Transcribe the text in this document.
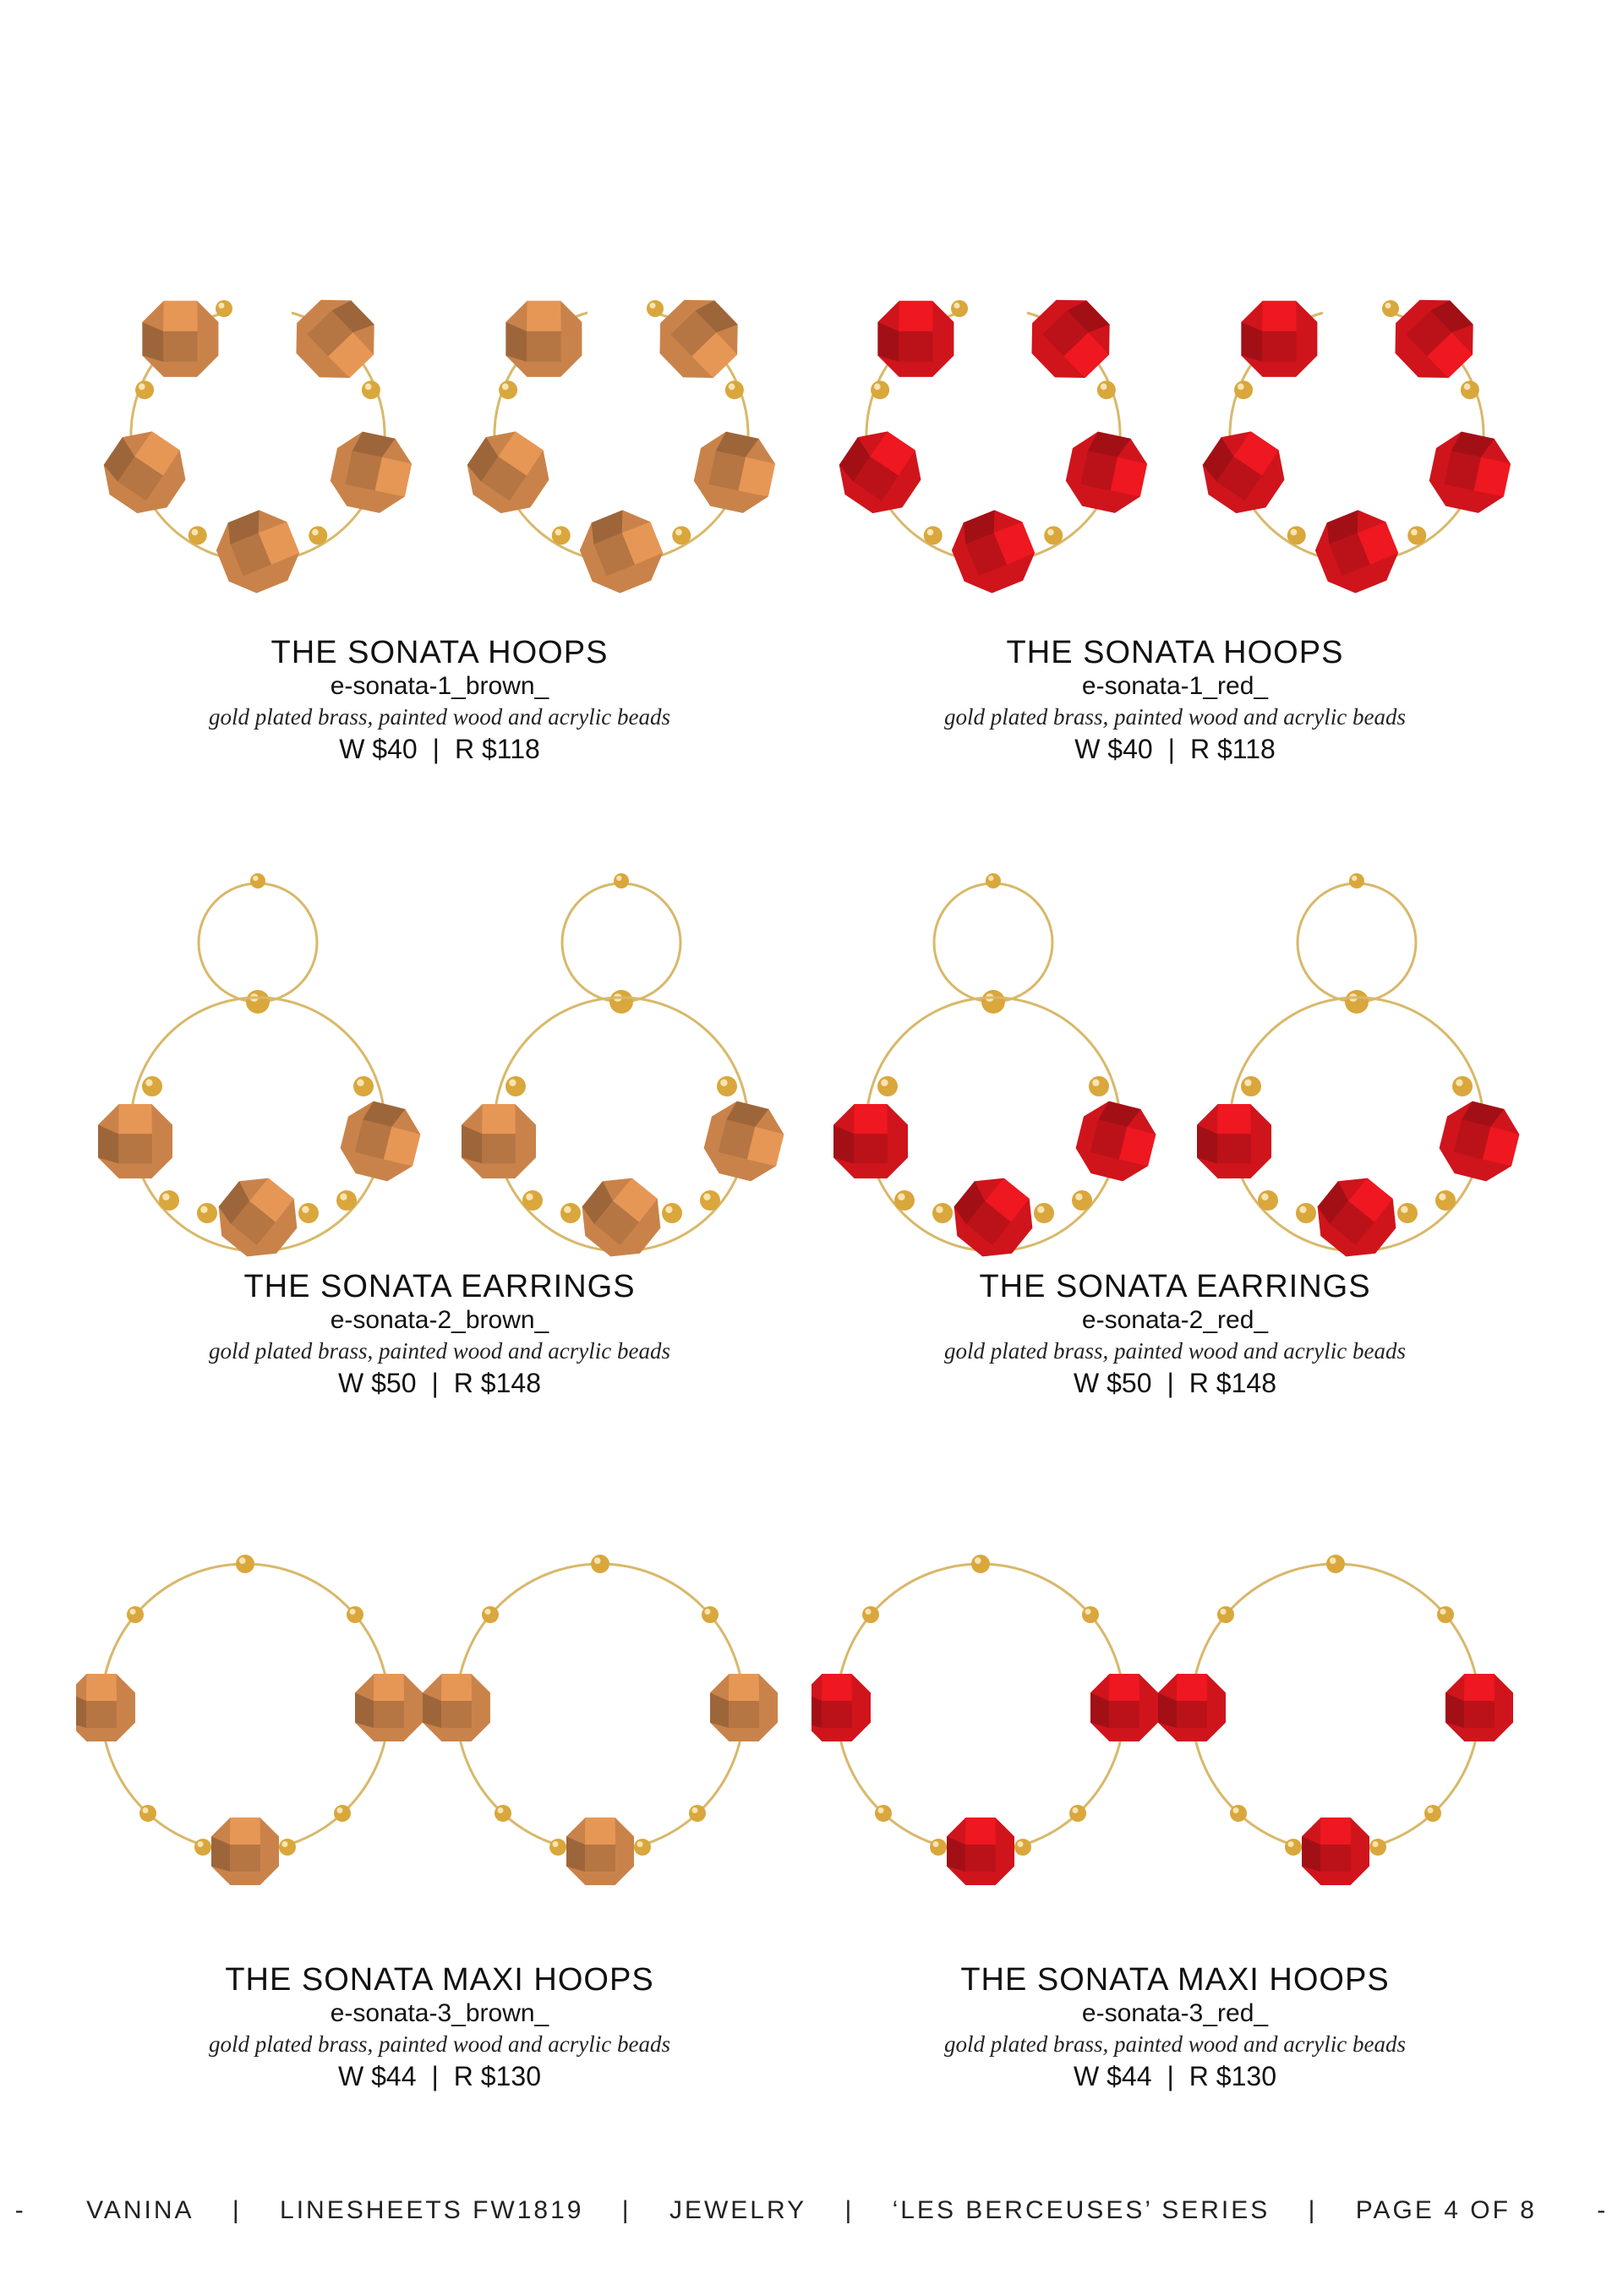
THE SONATA HOOPS
e-sonata-1_brown_
gold plated brass, painted wood and acrylic beads
W $40 | R $118
THE SONATA HOOPS
e-sonata-1_red_
gold plated brass, painted wood and acrylic beads
W $40 | R $118
THE SONATA EARRINGS
e-sonata-2_brown_
gold plated brass, painted wood and acrylic beads
W $50 | R $148
THE SONATA EARRINGS
e-sonata-2_red_
gold plated brass, painted wood and acrylic beads
W $50 | R $148
THE SONATA MAXI HOOPS
e-sonata-3_brown_
gold plated brass, painted wood and acrylic beads
W $44 | R $130
THE SONATA MAXI HOOPS
e-sonata-3_red_
gold plated brass, painted wood and acrylic beads
W $44 | R $130
- VANINA | LINESHEETS FW1819 | JEWELRY | ‘LES BERCEUSES’ SERIES | PAGE 4 OF 8 -
